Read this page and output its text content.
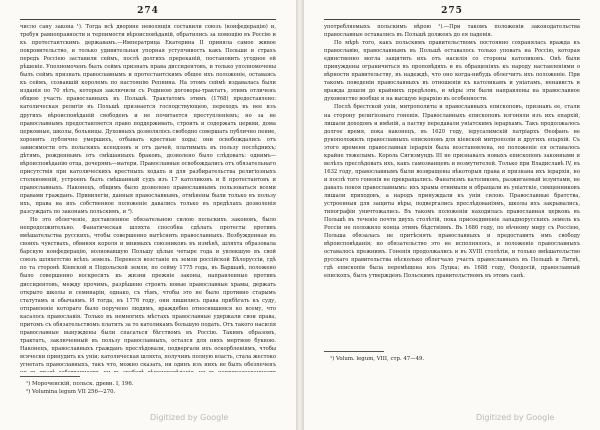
274

число сану закона ¹). Тогда всѣ дворяне неволящія составили союзъ (конфедерацію) и, требуя равноправности и терпимости вѣроисповѣданій, обратились за помощію въ Россію и къ протестантскимъ державамъ.—Императрица Екатерина II приняла самое живое покровительство, и только удивительная упорная уступчивость какъ Польши и страхъ передъ Россіею заставили сеймъ, послѣ долгихъ пререканій, постановить угодное ей рѣшеніе. Уполномоченъ былъ сеймъ признать права диссидентовъ, и только уполномочены былъ сеймъ признать православнымъ и протестантскимъ общее ихъ положеніе, оставаясь къ сеймъ, созвавшій королемъ по настоянію Репнина. На этомъ сеймѣ издавалась были изданія по 70 лѣтъ, которыя заключили съ Родиною договоры-трактатъ, этимъ отличенъ общею участь православныхъ въ Польшѣ. Трактатомъ этимъ (1768) предоставлено: католическая религія въ Польшѣ признается господствующею, переходъ въ нее изъ другихъ вѣроисповѣданій свободенъ и не почитается преступленіемъ; но за не православнымъ предоставляется право поддерживать, строить и содержать церкви, дома церковные, школы, больницы. Духовныхъ дозволялось свободно совершать публично пение, хоронить публично умершихъ, отбывать крестные ходы; они освобождались отъ зависимости отъ польскихъ ксендзовъ и отъ дачей, платимыхъ въ пользу послѣднихъ; дѣтямъ, рожденнымъ отъ смѣшанныхъ браковъ, дозволено было слѣдовать: однимъ—вѣроисповѣданію отца, дочерямъ—матери. Православные освобождались отъ обязательнаго присутствія при католическихъ крестныхъ ходахъ и для разбирательства религіозныхъ столкновеній, устроенъ былъ смѣшанный судъ изъ 17 католиковъ и 8 протестантовъ и православныхъ. Наконецъ, общимъ было дозволено православнымъ пользоваться всеми правами гражданъ. Привилегіи, данныя православнымъ, отмѣнены были только въ пользу ихъ, права на ихъ собственное положеніе давались только въ предѣлахъ дозволенія разсуждать по законамъ польскимъ, и ²).

Но это облегченіе, доставленное обязательною силою польскихъ законовъ, было непродолжительно. Фанатическая шляхта способна сдѣлать протесты противъ вмѣшательства русскихъ, чтобы совершенно вытѣснить православныхъ. Возбужденная въ своихъ чувствахъ, обвиняя короля и мнимыхъ союзниковъ въ измѣнѣ, шляхта образовала барскую конфедерацію, волновавшую Польшу цѣлые четыре года и увлекшую въ свой союзъ шляхетство всѣхъ земель. Перенеся возстаніе въ земли россійской Бѣлоруссіи, гдѣ по та сторонѣ Кіевской и Подольской земли, по сейму 1775 года, въ Варшавѣ, положено было совершенно воскресить къ жизни прежніе законы, направленные противъ диссидентовъ, между прочимъ, разрѣшено строить новые православные храмы, держать открыто школы и семинаріи, однако, съ тѣмъ, чтобы это не было противно старымъ статутамъ и обычаямъ. И тогда, въ 1776 году, они лишились права прибѣгать къ суду, отправленіе котораго было поручено людямъ, враждебно относившимся ко всему, что касалось православія. Только въ немногихъ мѣстахъ православные удержали свои права, притомъ съ обязательствомъ платить за то католикамъ большую подать. Отъ такого насилія православные вынуждены были спасаться бѣгствомъ въ Россію. Такимъ образомъ, трактатъ, заключенный въ пользу православныхъ, остался для нихъ мертвою буквою. Наконецъ, православныхъ гражданъ преслѣдовали, подвергали ихъ оскорбленіямъ, чтобы всячески принудить къ уніи; католическая шляхта, получивъ полную власть, стала жестоко угнетать православныхъ, такъ что, можно сказать, ни одинъ изъ нихъ не былъ обезпеченъ

¹) Мороченскій, польск. древн. I, 196.
²) Volumina legum VII 256—270.
Digitized by Google
275

употребляемыхъ польскимъ вѣрою ¹).—При такомъ положеніи законодательства православные оставались въ Польшѣ долженъ до ея паденія.

По мѣрѣ того, какъ польскимъ правительствомъ постоянно сохранялась вражда къ православію, православнымъ въ Польшѣ оставалось только уповать на Россію, которая единственно могла защитить ихъ отъ насилія со стороны католиковъ. Онѣ были принуждены ограничиться въ проповѣдяхъ и въ обращеніяхъ къ народу наставленіями о вѣрности правительству, въ надеждѣ, что оно когда-нибудь облегчитъ ихъ положеніе. При такомъ поведеніи православныхъ въ отношеніи къ католикамъ и уніатамъ, ненависть и вражда дошли до крайнихъ предѣловъ, и мѣры эти были направлены на православное духовенство вообще и на высшую іерархію въ особенности.

Послѣ брестской уніи, митрополиты и православныхъ епископовъ, признавъ ее, стали на сторону религіознаго гоненія. Православныхъ епископовъ изгоняли изъ ихъ епархій, лишали доходовъ и имѣній, а паству передавали уніатскимъ іерархамъ. Такъ продолжалось долгое время, пока наконецъ, въ 1620 году, іерусалимскій патріархъ Ѳеофанъ не рукоположилъ православныхъ епископовъ для кіевской митрополіи и другихъ епархій. Съ этого времени православная іерархія была возстановлена, но положеніе ея оставалось крайне тяжелымъ. Король Сигизмундъ III не признавалъ новыхъ епископовъ законными и велѣлъ преслѣдовать ихъ, какъ самозванцевъ и возмутителей. Только при Владиславѣ IV, въ 1632 году, православнымъ были возвращены нѣкоторыя права и признана ихъ іерархія, но и послѣ того гоненія не прекращались. Фанатизмъ католиковъ, разжигаемый іезуитами, не давалъ покоя православнымъ: ихъ храмы отнимали и обращали въ уніатскіе, священниковъ лишали приходовъ, а народъ принуждали къ уніи силою. Православные братства, устроенныя для защиты вѣры, подвергались преслѣдованіямъ, школы ихъ закрывались, типографіи уничтожались. Въ такомъ положеніи находилась православная церковь въ Польшѣ въ теченіе почти двухъ столѣтій, пока присоединеніе западнорусскихъ земель къ Россіи не положило конца этимъ бѣдствіямъ. Въ 1686 году, по вѣчному миру съ Россіею, Польша обязалась не притѣснять православныхъ и предоставить имъ свободу вѣроисповѣданія; но обязательство это не исполнялось, и положеніе православныхъ оставалось прежнимъ. Гоненія продолжались и въ XVIII столѣтіи, и только вмѣшательство русскаго правительства нѣсколько облегчало участь православныхъ въ Польшѣ и Литвѣ, гдѣ епископія была перемѣщена изъ Луцка; въ 1688 году, Ѳеодосій, православный епископъ, былъ утвержденъ Польскимъ правительствомъ въ этомъ санѣ.

¹) Volum. legum, VIII, стр. 47—49.
Digitized by Google
